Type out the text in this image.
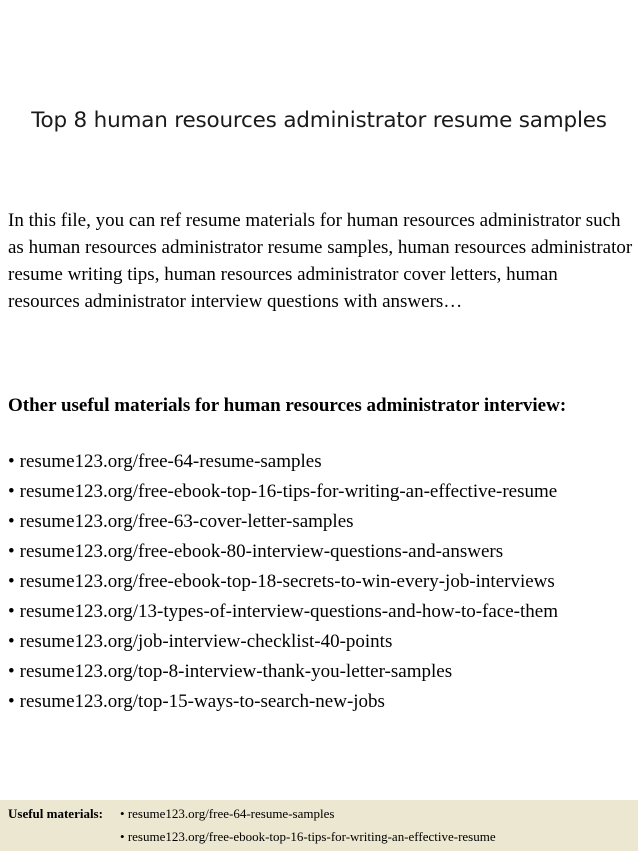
Top 8 human resources administrator resume samples

In this file, you can ref resume materials for human resources administrator such as human resources administrator resume samples, human resources administrator resume writing tips, human resources administrator cover letters, human resources administrator interview questions with answers…

Other useful materials for human resources administrator interview:

• resume123.org/free-64-resume-samples
• resume123.org/free-ebook-top-16-tips-for-writing-an-effective-resume
• resume123.org/free-63-cover-letter-samples
• resume123.org/free-ebook-80-interview-questions-and-answers
• resume123.org/free-ebook-top-18-secrets-to-win-every-job-interviews
• resume123.org/13-types-of-interview-questions-and-how-to-face-them
• resume123.org/job-interview-checklist-40-points
• resume123.org/top-8-interview-thank-you-letter-samples
• resume123.org/top-15-ways-to-search-new-jobs
Useful materials: • resume123.org/free-64-resume-samples
• resume123.org/free-ebook-top-16-tips-for-writing-an-effective-resume
